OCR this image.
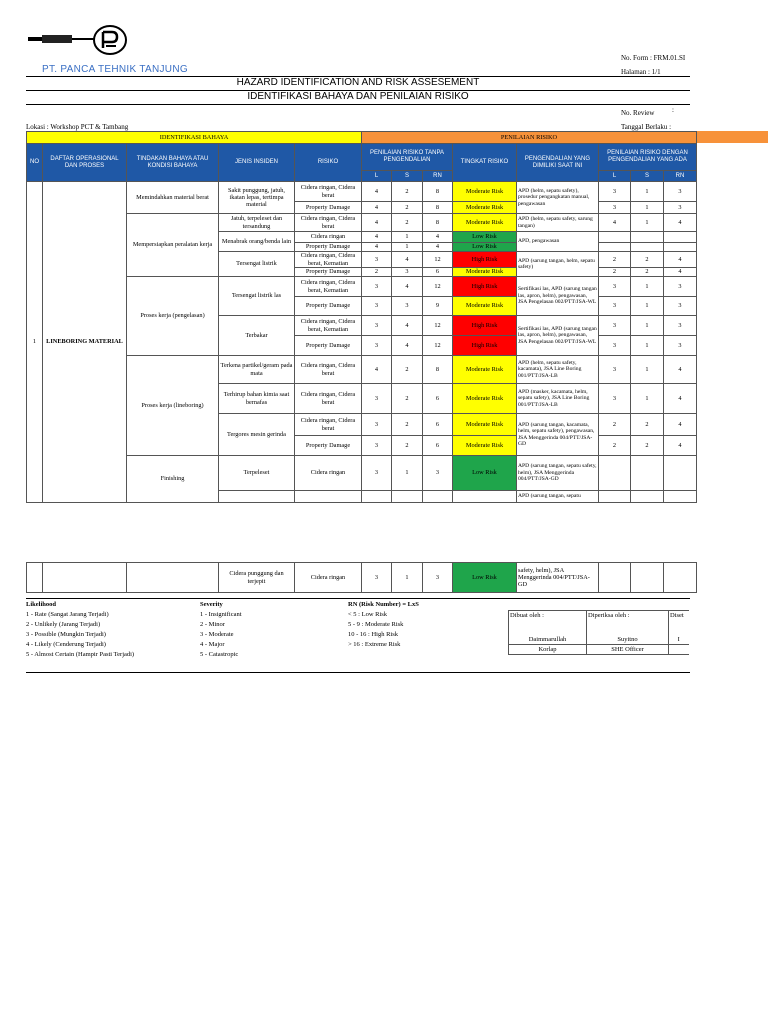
PT. PANCA TEHNIK TANJUNG
No. Form : FRM.01.SI
Halaman : 1/1
HAZARD IDENTIFICATION AND RISK ASSESEMENT
IDENTIFIKASI BAHAYA DAN PENILAIAN RISIKO
No. Review	:
Lokasi : Workshop PCT & Tambang	Tanggal Berlaku :
IDENTIFIKASI BAHAYA					PENILAIAN RISIKO							
NO	DAFTAR OPERASIONAL DAN PROSES	TINDAKAN BAHAYA ATAU KONDISI BAHAYA	JENIS INSIDEN	RISIKO	PENILAIAN RISIKO TANPA PENGENDALIAN			TINGKAT RISIKO	PENGENDALIAN YANG DIMILIKI SAAT INI	PENILAIAN RISIKO DENGAN PENGENDALIAN YANG ADA		
					L	S	RN			L	S	RN
1	LINEBORING MATERIAL	Memindahkan material berat	Sakit punggung, jatuh, ikatan lepas, tertimpa material	Cidera ringan, Cidera berat	4	2	8	Moderate Risk	APD (helm, sepatu safety), prosedur pengangkatan manual, pengawasan	3	1	3
				Property Damage	4	2	8	Moderate Risk		3	1	3
		Mempersiapkan peralatan kerja	Jatuh, terpeleset dan tersandung	Cidera ringan, Cidera berat	4	2	8	Moderate Risk	APD (helm, sepatu safety, sarung tangan)	4	1	4
			Menabrak orang/benda lain	Cidera ringan	4	1	4	Low Risk	APD, pengawasan			
				Property Damage	4	1	4	Low Risk				
			Tersengat listrik	Cidera ringan, Cidera berat, Kematian	3	4	12	High Risk	APD (sarung tangan, helm, sepatu safety)	2	2	4
				Property Damage	2	3	6	Moderate Risk		2	2	4
		Proses kerja (pengelasan)	Tersengat listrik las	Cidera ringan, Cidera berat, Kematian	3	4	12	High Risk	Sertifikasi las, APD (sarung tangan las, apron, helm), pengawasan, JSA Pengelasan 002/PTT/JSA-WL	3	1	3
				Property Damage	3	3	9	Moderate Risk		3	1	3
			Terbakar	Cidera ringan, Cidera berat, Kematian	3	4	12	High Risk	Sertifikasi las, APD (sarung tangan las, apron, helm), pengawasan, JSA Pengelasan 002/PTT/JSA-WL	3	1	3
				Property Damage	3	4	12	High Risk		3	1	3
		Proses kerja (lineboring)	Terkena partikel/geram pada mata	Cidera ringan, Cidera berat	4	2	8	Moderate Risk	APD (helm, sepatu safety, kacamata), JSA Line Boring 001/PTT/JSA-LB	3	1	4
			Terhirup bahan kimia saat bernafas	Cidera ringan, Cidera berat	3	2	6	Moderate Risk	APD (masker, kacamata, helm, sepatu safety), JSA Line Boring 001/PTT/JSA-LB	3	1	4
			Tergores mesin gerinda	Cidera ringan, Cidera berat	3	2	6	Moderate Risk	APD (sarung tangan, kacamata, helm, sepatu safety), pengawasan, JSA Menggerinda 004/PTT/JSA-GD	2	2	4
				Property Damage	3	2	6	Moderate Risk		2	2	4
		Finishing	Terpeleset	Cidera ringan	3	1	3	Low Risk	APD (sarung tangan, sepatu safety, helm), JSA Menggerinda 004/PTT/JSA-GD			
									APD (sarung tangan, sepatu			
			Cidera punggung dan terjepit	Cidera ringan	3	1	3	Low Risk	safety, helm), JSA Menggerinda 004/PTT/JSA-GD			
Likelihood
1 - Rate (Sangat Jarang Terjadi)
2 - Unlikely (Jarang Terjadi)
3 - Possible (Mungkin Terjadi)
4 - Likely (Cenderung Terjadi)
5 - Almost Certain (Hampir Pasti Terjadi)
Severity
1 - Insignificant
2 - Minor
3 - Moderate
4 - Major
5 - Catastropic
RN (Risk Number) = LxS
< 5 : Low Risk
5 - 9 : Moderate Risk
10 - 16 : High Risk
> 16 : Extreme Risk
Dibuat oleh :	Diperiksa oleh :	Diset
Daimmarullah	Suyitno	I
Korlap	SHE Officer	
